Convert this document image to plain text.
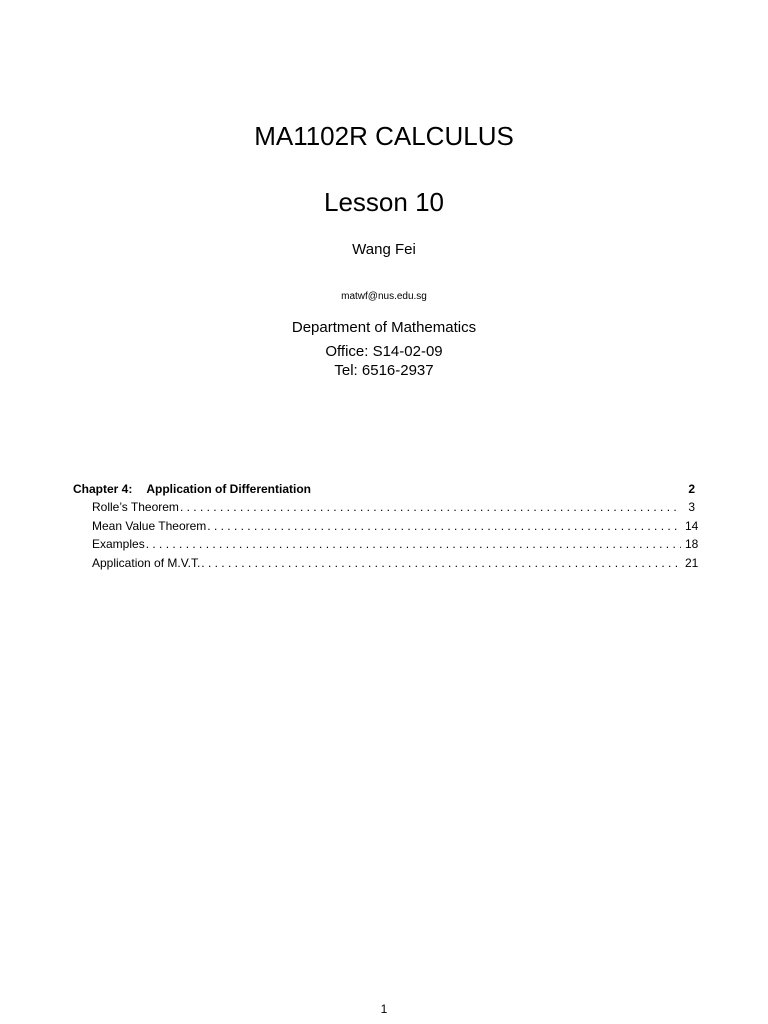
MA1102R CALCULUS
Lesson 10
Wang Fei
matwf@nus.edu.sg
Department of Mathematics
Office: S14-02-09
Tel: 6516-2937
Chapter 4: Application of Differentiation	2
Rolle’s Theorem . . .	3
Mean Value Theorem . . .	14
Examples . . .	18
Application of M.V.T. . . .	21
1
